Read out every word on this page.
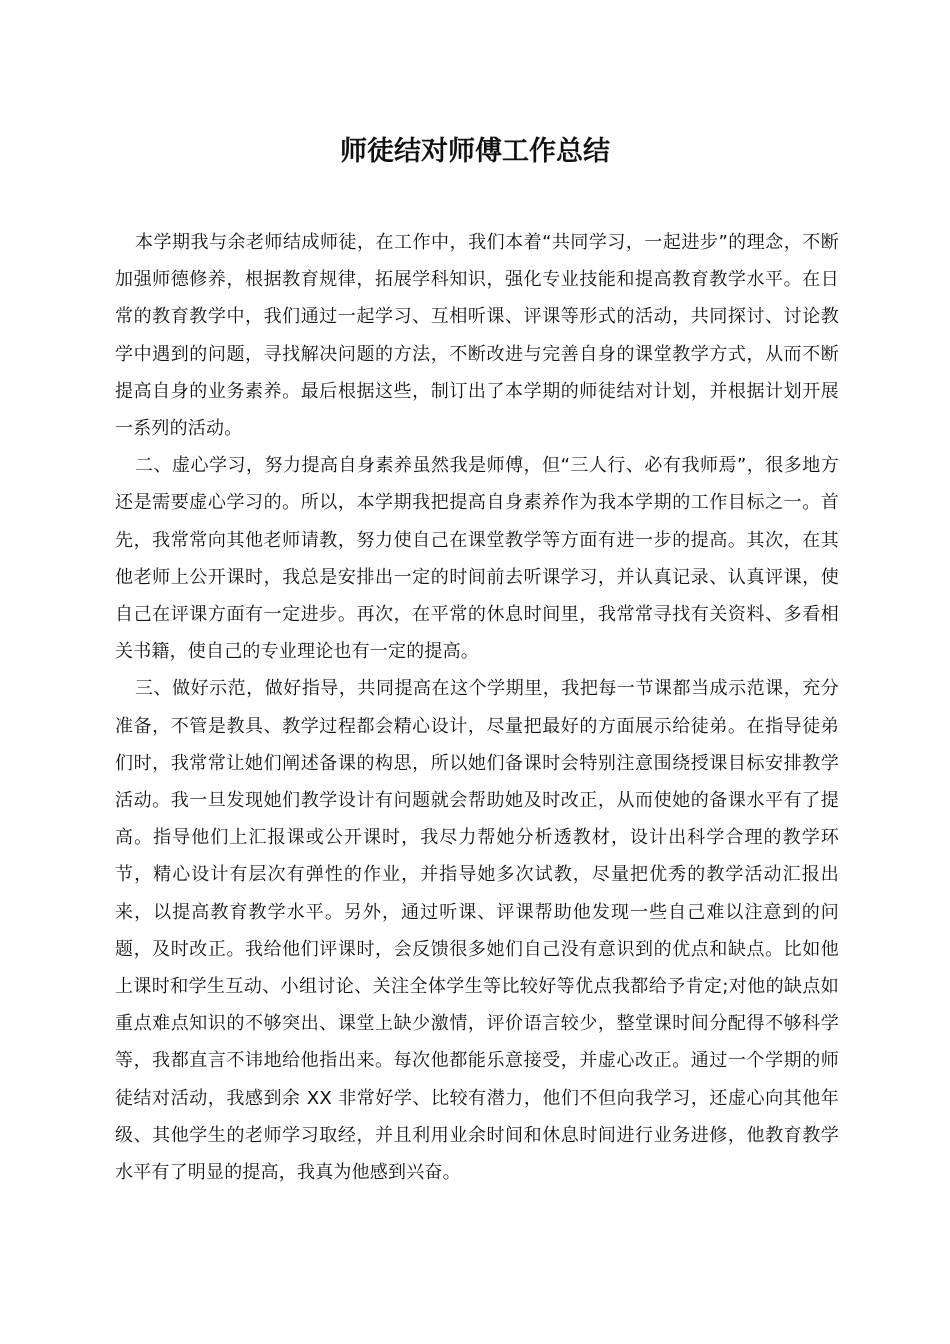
师徒结对师傅工作总结

本学期我与余老师结成师徒，在工作中，我们本着“共同学习，一起进步”的理念，不断加强师德修养，根据教育规律，拓展学科知识，强化专业技能和提高教育教学水平。在日常的教育教学中，我们通过一起学习、互相听课、评课等形式的活动，共同探讨、讨论教学中遇到的问题，寻找解决问题的方法，不断改进与完善自身的课堂教学方式，从而不断提高自身的业务素养。最后根据这些，制订出了本学期的师徒结对计划，并根据计划开展一系列的活动。

二、虚心学习，努力提高自身素养虽然我是师傅，但“三人行、必有我师焉”，很多地方还是需要虚心学习的。所以，本学期我把提高自身素养作为我本学期的工作目标之一。首先，我常常向其他老师请教，努力使自己在课堂教学等方面有进一步的提高。其次，在其他老师上公开课时，我总是安排出一定的时间前去听课学习，并认真记录、认真评课，使自己在评课方面有一定进步。再次，在平常的休息时间里，我常常寻找有关资料、多看相关书籍，使自己的专业理论也有一定的提高。

三、做好示范，做好指导，共同提高在这个学期里，我把每一节课都当成示范课，充分准备，不管是教具、教学过程都会精心设计，尽量把最好的方面展示给徒弟。在指导徒弟们时，我常常让她们阐述备课的构思，所以她们备课时会特别注意围绕授课目标安排教学活动。我一旦发现她们教学设计有问题就会帮助她及时改正，从而使她的备课水平有了提高。指导他们上汇报课或公开课时，我尽力帮她分析透教材，设计出科学合理的教学环节，精心设计有层次有弹性的作业，并指导她多次试教，尽量把优秀的教学活动汇报出来，以提高教育教学水平。另外，通过听课、评课帮助他发现一些自己难以注意到的问题，及时改正。我给他们评课时，会反馈很多她们自己没有意识到的优点和缺点。比如他上课时和学生互动、小组讨论、关注全体学生等比较好等优点我都给予肯定;对他的缺点如重点难点知识的不够突出、课堂上缺少激情，评价语言较少，整堂课时间分配得不够科学等，我都直言不讳地给他指出来。每次他都能乐意接受，并虚心改正。通过一个学期的师徒结对活动，我感到余 XX 非常好学、比较有潜力，他们不但向我学习，还虚心向其他年级、其他学生的老师学习取经，并且利用业余时间和休息时间进行业务进修，他教育教学水平有了明显的提高，我真为他感到兴奋。
